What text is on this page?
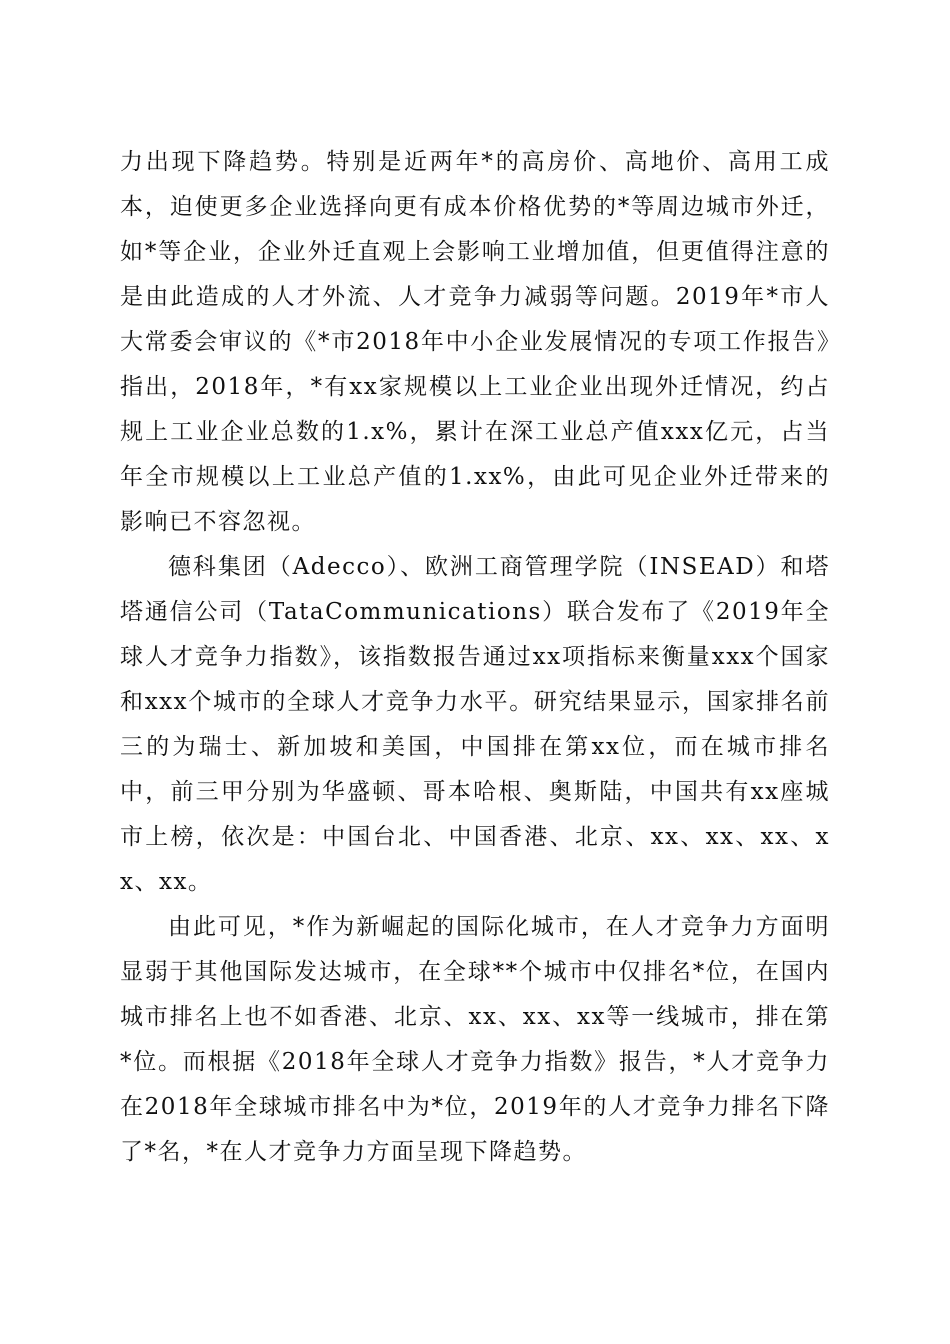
力出现下降趋势。特别是近两年*的高房价、高地价、高用工成本，迫使更多企业选择向更有成本价格优势的*等周边城市外迁，如*等企业，企业外迁直观上会影响工业增加值，但更值得注意的是由此造成的人才外流、人才竞争力减弱等问题。2019年*市人大常委会审议的《*市2018年中小企业发展情况的专项工作报告》指出，2018年，*有xx家规模以上工业企业出现外迁情况，约占规上工业企业总数的1.x%，累计在深工业总产值xxx亿元，占当年全市规模以上工业总产值的1.xx%，由此可见企业外迁带来的影响已不容忽视。

德科集团（Adecco）、欧洲工商管理学院（INSEAD）和塔塔通信公司（TataCommunications）联合发布了《2019年全球人才竞争力指数》，该指数报告通过xx项指标来衡量xxx个国家和xxx个城市的全球人才竞争力水平。研究结果显示，国家排名前三的为瑞士、新加坡和美国，中国排在第xx位，而在城市排名中，前三甲分别为华盛顿、哥本哈根、奥斯陆，中国共有xx座城市上榜，依次是：中国台北、中国香港、北京、xx、xx、xx、xx、xx。

由此可见，*作为新崛起的国际化城市，在人才竞争力方面明显弱于其他国际发达城市，在全球**个城市中仅排名*位，在国内城市排名上也不如香港、北京、xx、xx、xx等一线城市，排在第*位。而根据《2018年全球人才竞争力指数》报告，*人才竞争力在2018年全球城市排名中为*位，2019年的人才竞争力排名下降了*名，*在人才竞争力方面呈现下降趋势。
